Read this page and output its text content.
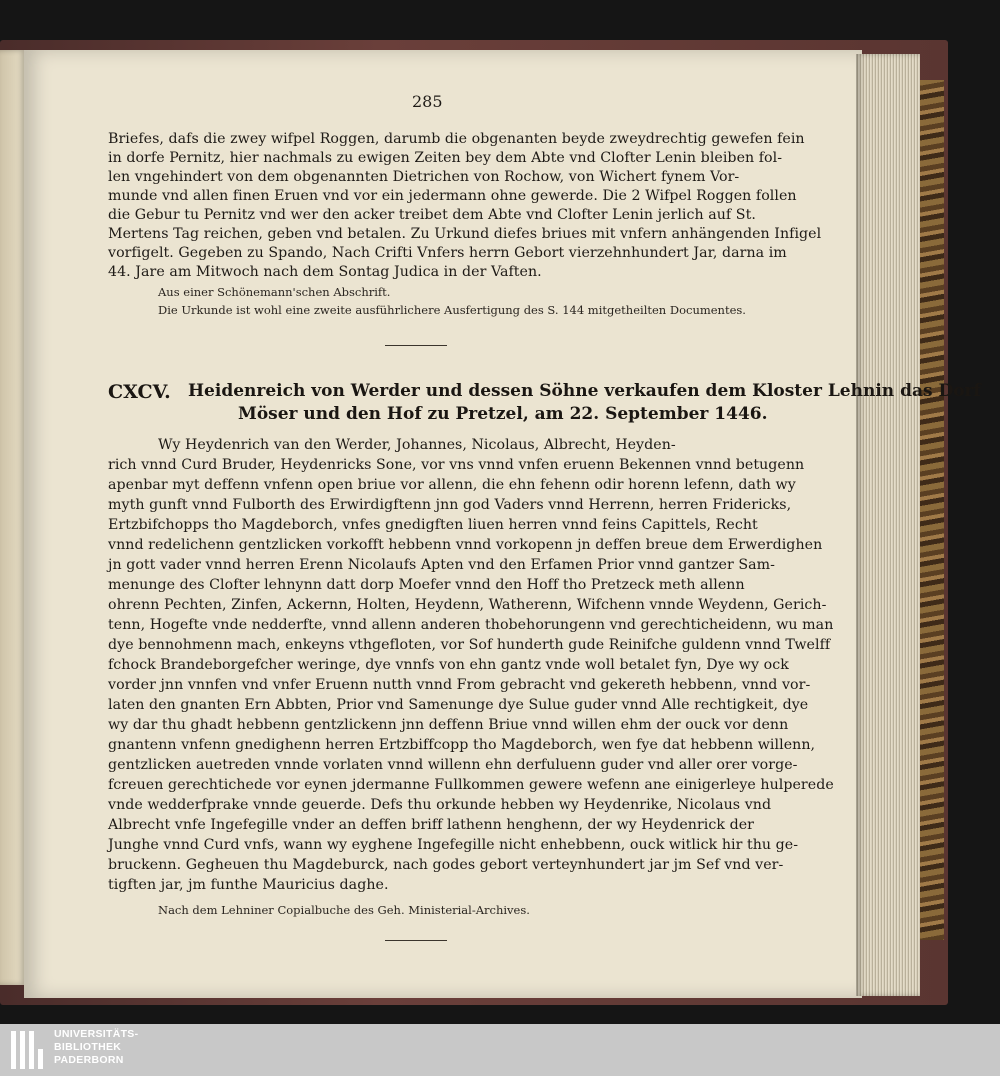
285
Briefes, dafs die zwey wifpel Roggen, darumb die obgenanten beyde zweydrechtig gewefen fein
in dorfe Pernitz, hier nachmals zu ewigen Zeiten bey dem Abte vnd Clofter Lenin bleiben fol-
len vngehindert von dem obgenannten Dietrichen von Rochow, von Wichert fynem Vor-
munde vnd allen finen Eruen vnd vor ein jedermann ohne gewerde. Die 2 Wifpel Roggen follen
die Gebur tu Pernitz vnd wer den acker treibet dem Abte vnd Clofter Lenin jerlich auf St.
Mertens Tag reichen, geben vnd betalen. Zu Urkund diefes briues mit vnfern anhängenden Infigel
vorfigelt. Gegeben zu Spando, Nach Crifti Vnfers herrn Gebort vierzehnhundert Jar, darna im
44. Jare am Mitwoch nach dem Sontag Judica in der Vaften.
Aus einer Schönemann'schen Abschrift.
Die Urkunde ist wohl eine zweite ausführlichere Ausfertigung des S. 144 mitgetheilten Documentes.
CXCV. Heidenreich von Werder und dessen Söhne verkaufen dem Kloster Lehnin das Dorf
Möser und den Hof zu Pretzel, am 22. September 1446.
Wy Heydenrich van den Werder, Johannes, Nicolaus, Albrecht, Heyden-
rich vnnd Curd Bruder, Heydenricks Sone, vor vns vnnd vnfen eruenn Bekennen vnnd betugenn
apenbar myt deffenn vnfenn open briue vor allenn, die ehn fehenn odir horenn lefenn, dath wy
myth gunft vnnd Fulborth des Erwirdigftenn jnn god Vaders vnnd Herrenn, herren Fridericks,
Ertzbifchopps tho Magdeborch, vnfes gnedigften liuen herren vnnd feins Capittels, Recht
vnnd redelichenn gentzlicken vorkofft hebbenn vnnd vorkopenn jn deffen breue dem Erwerdighen
jn gott vader vnnd herren Erenn Nicolaufs Apten vnd den Erfamen Prior vnnd gantzer Sam-
menunge des Clofter lehnynn datt dorp Moefer vnnd den Hoff tho Pretzeck meth allenn
ohrenn Pechten, Zinfen, Ackernn, Holten, Heydenn, Watherenn, Wifchenn vnnde Weydenn, Gerich-
tenn, Hogefte vnde nedderfte, vnnd allenn anderen thobehorungenn vnd gerechticheidenn, wu man
dye bennohmenn mach, enkeyns vthgefloten, vor Sof hunderth gude Reinifche guldenn vnnd Twelff
fchock Brandeborgefcher weringe, dye vnnfs von ehn gantz vnde woll betalet fyn, Dye wy ock
vorder jnn vnnfen vnd vnfer Eruenn nutth vnnd From gebracht vnd gekereth hebbenn, vnnd vor-
laten den gnanten Ern Abbten, Prior vnd Samenunge dye Sulue guder vnnd Alle rechtigkeit, dye
wy dar thu ghadt hebbenn gentzlickenn jnn deffenn Briue vnnd willen ehm der ouck vor denn
gnantenn vnfenn gnedighenn herren Ertzbiffcopp tho Magdeborch, wen fye dat hebbenn willenn,
gentzlicken auetreden vnnde vorlaten vnnd willenn ehn derfuluenn guder vnd aller orer vorge-
fcreuen gerechtichede vor eynen jdermanne Fullkommen gewere wefenn ane einigerleye hulperede
vnde wedderfprake vnnde geuerde. Defs thu orkunde hebben wy Heydenrike, Nicolaus vnd
Albrecht vnfe Ingefegille vnder an deffen briff lathenn henghenn, der wy Heydenrick der
Junghe vnnd Curd vnfs, wann wy eyghene Ingefegille nicht enhebbenn, ouck witlick hir thu ge-
bruckenn. Gegheuen thu Magdeburck, nach godes gebort verteynhundert jar jm Sef vnd ver-
tigften jar, jm funthe Mauricius daghe.
Nach dem Lehniner Copialbuche des Geh. Ministerial-Archives.
UNIVERSITÄTS-
BIBLIOTHEK
PADERBORN
